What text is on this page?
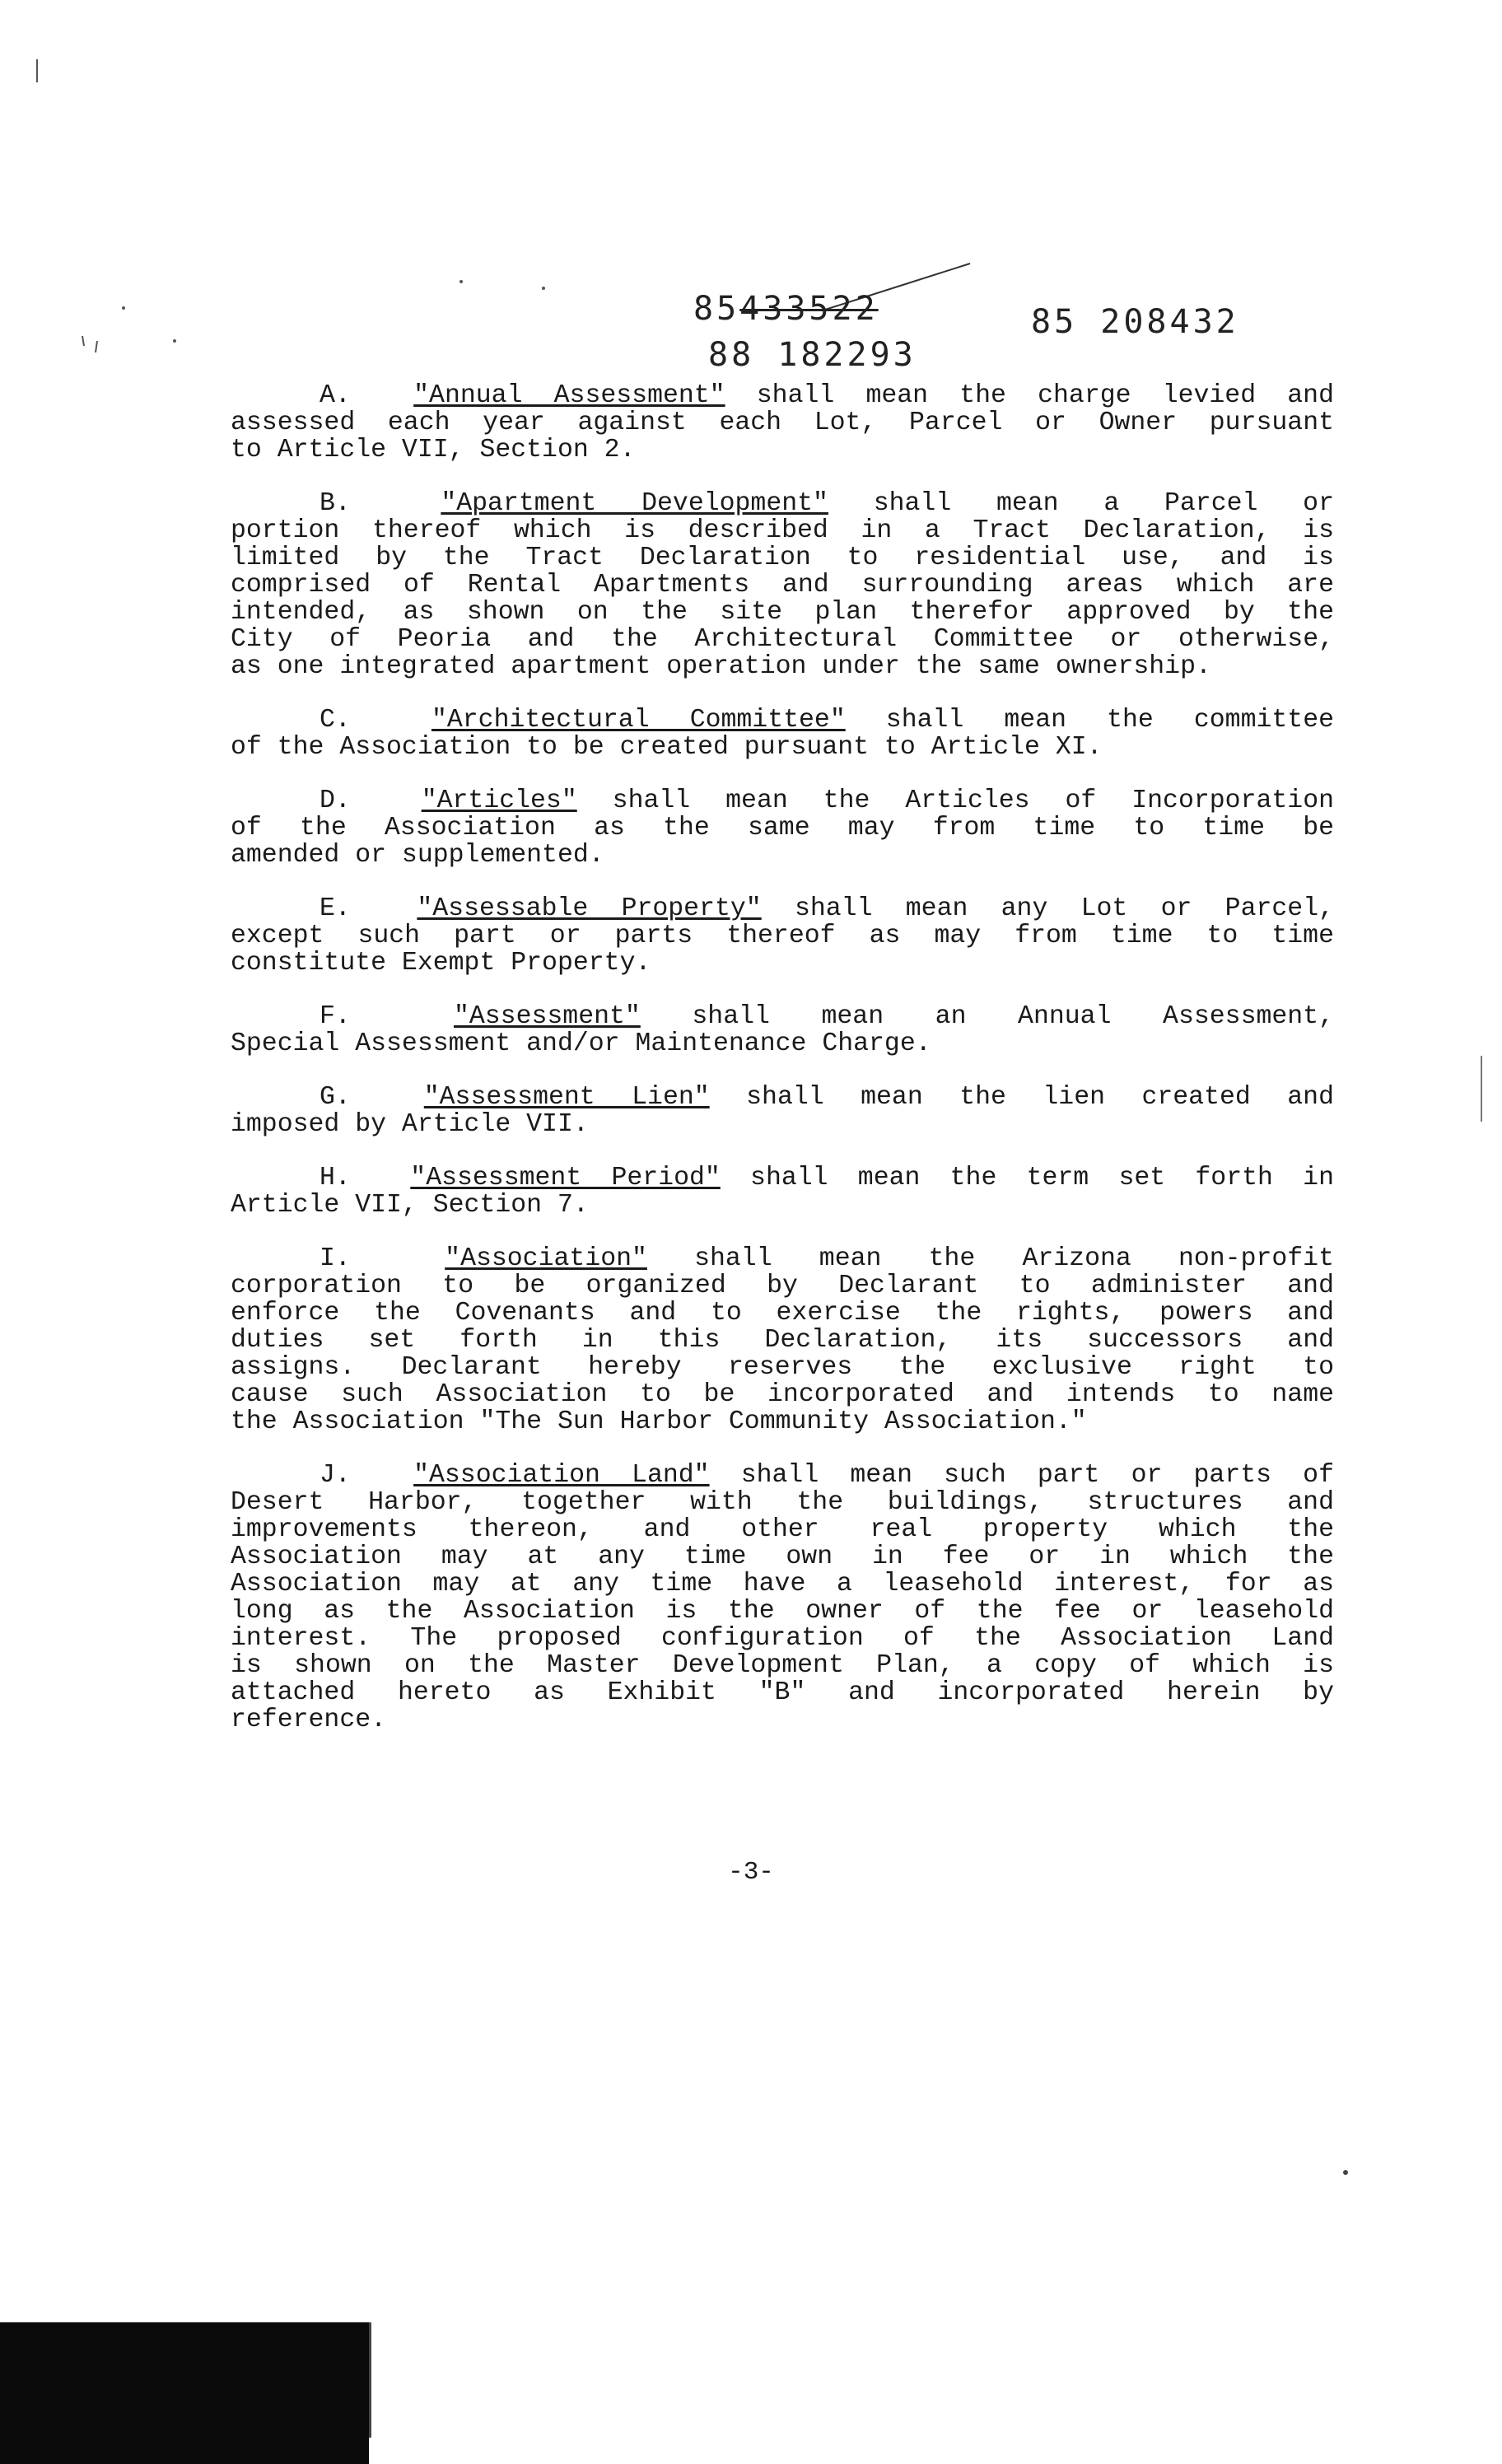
85433522
88 182293
85 208432
A.  "Annual Assessment" shall mean the charge levied and
assessed each year against each Lot, Parcel or Owner pursuant
to Article VII, Section 2.
B.  "Apartment Development" shall mean a Parcel or
portion thereof which is described in a Tract Declaration, is
limited by the Tract Declaration to residential use, and is
comprised of Rental Apartments and surrounding areas which are
intended, as shown on the site plan therefor approved by the
City of Peoria and the Architectural Committee or otherwise,
as one integrated apartment operation under the same ownership.
C.  "Architectural Committee" shall mean the committee
of the Association to be created pursuant to Article XI.
D.  "Articles" shall mean the Articles of Incorporation
of the Association as the same may from time to time be
amended or supplemented.
E.  "Assessable Property" shall mean any Lot or Parcel,
except such part or parts thereof as may from time to time
constitute Exempt Property.
F.  "Assessment" shall mean an Annual Assessment,
Special Assessment and/or Maintenance Charge.
G.  "Assessment Lien" shall mean the lien created and
imposed by Article VII.
H.  "Assessment Period" shall mean the term set forth in
Article VII, Section 7.
I.  "Association" shall mean the Arizona non-profit
corporation to be organized by Declarant to administer and
enforce the Covenants and to exercise the rights, powers and
duties set forth in this Declaration, its successors and
assigns. Declarant hereby reserves the exclusive right to
cause such Association to be incorporated and intends to name
the Association "The Sun Harbor Community Association."
J.  "Association Land" shall mean such part or parts of
Desert Harbor, together with the buildings, structures and
improvements thereon, and other real property which the
Association may at any time own in fee or in which the
Association may at any time have a leasehold interest, for as
long as the Association is the owner of the fee or leasehold
interest. The proposed configuration of the Association Land
is shown on the Master Development Plan, a copy of which is
attached hereto as Exhibit "B" and incorporated herein by
reference.
-3-
